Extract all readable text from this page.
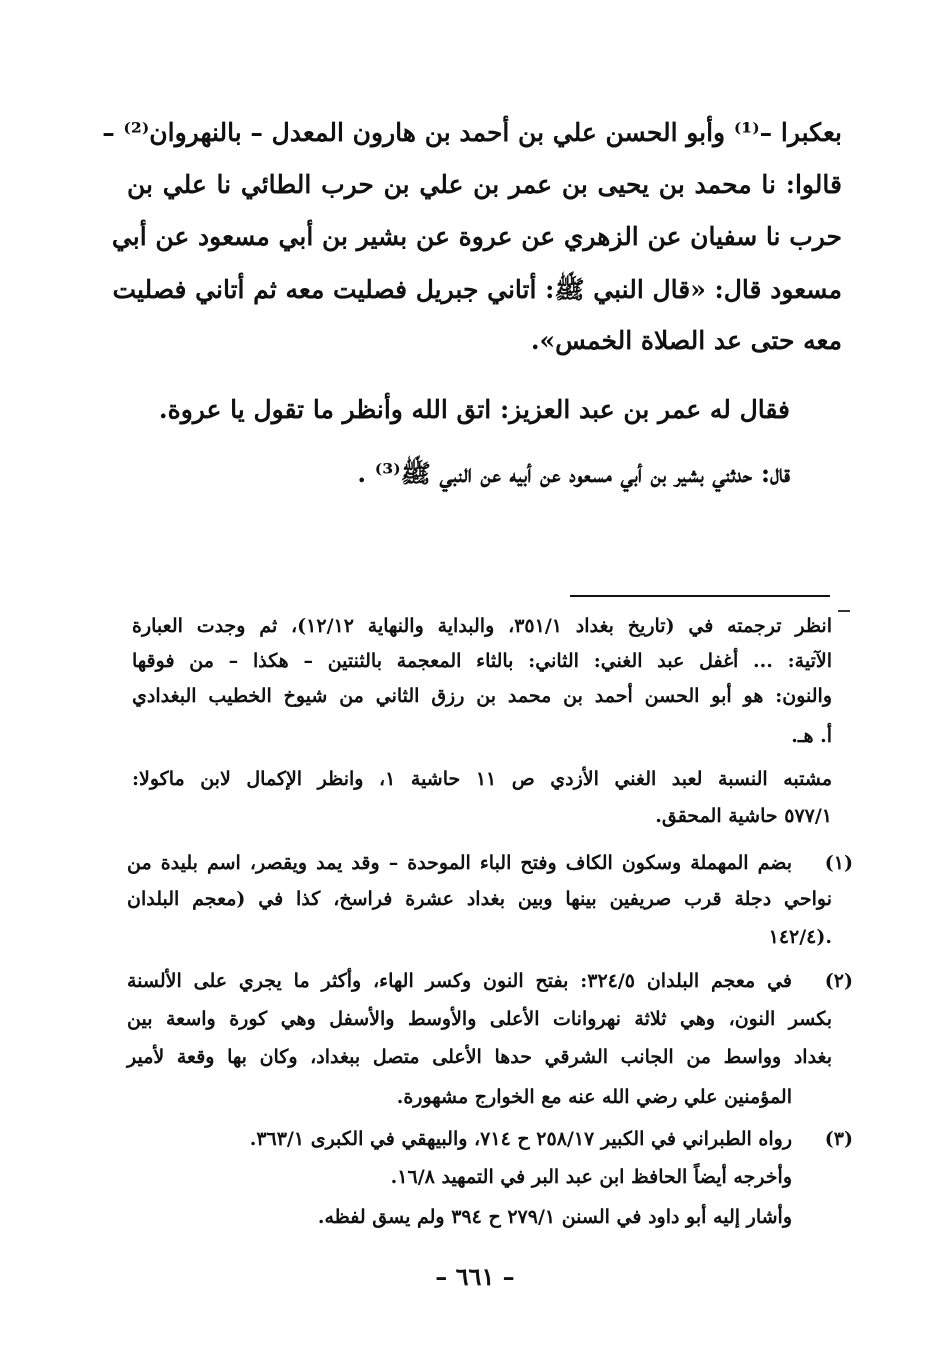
بعكبرا –⁽¹⁾ وأبو الحسن علي بن أحمد بن هارون المعدل – بالنهروان⁽²⁾ –
قالوا: نا محمد بن يحيى بن عمر بن علي بن حرب الطائي نا علي بن
حرب نا سفيان عن الزهري عن عروة عن بشير بن أبي مسعود عن أبي
مسعود قال: «قال النبي ﷺ: أتاني جبريل فصليت معه ثم أتاني فصليت
معه حتى عد الصلاة الخمس».
فقال له عمر بن عبد العزيز: اتق الله وأنظر ما تقول يا عروة.
قال: حدثني بشير بن أبي مسعود عن أبيه عن النبي ﷺ⁽³⁾ .
انظر ترجمته في (تاريخ بغداد ٣٥١/١، والبداية والنهاية ١٢/١٢)، ثم وجدت العبارة
الآتية: ... أغفل عبد الغني: الثاني: بالثاء المعجمة بالثنتين – هكذا – من فوقها
والنون: هو أبو الحسن أحمد بن محمد بن رزق الثاني من شيوخ الخطيب البغدادي
أ. هـ.
مشتبه النسبة لعبد الغني الأزدي ص ١١ حاشية ١، وانظر الإكمال لابن ماكولا:
٥٧٧/١ حاشية المحقق.
(١)
بضم المهملة وسكون الكاف وفتح الباء الموحدة – وقد يمد ويقصر، اسم بليدة من
نواحي دجلة قرب صريفين بينها وبين بغداد عشرة فراسخ، كذا في (معجم البلدان
١٤٢/٤).
(٢)
في معجم البلدان ٣٢٤/٥: بفتح النون وكسر الهاء، وأكثر ما يجري على الألسنة
بكسر النون، وهي ثلاثة نهروانات الأعلى والأوسط والأسفل وهي كورة واسعة بين
بغداد وواسط من الجانب الشرقي حدها الأعلى متصل ببغداد، وكان بها وقعة لأمير
المؤمنين علي رضي الله عنه مع الخوارج مشهورة.
(٣)
رواه الطبراني في الكبير ٢٥٨/١٧ ح ٧١٤، والبيهقي في الكبرى ٣٦٣/١.
وأخرجه أيضاً الحافظ ابن عبد البر في التمهيد ١٦/٨.
وأشار إليه أبو داود في السنن ٢٧٩/١ ح ٣٩٤ ولم يسق لفظه.
– ٦٦١ –
